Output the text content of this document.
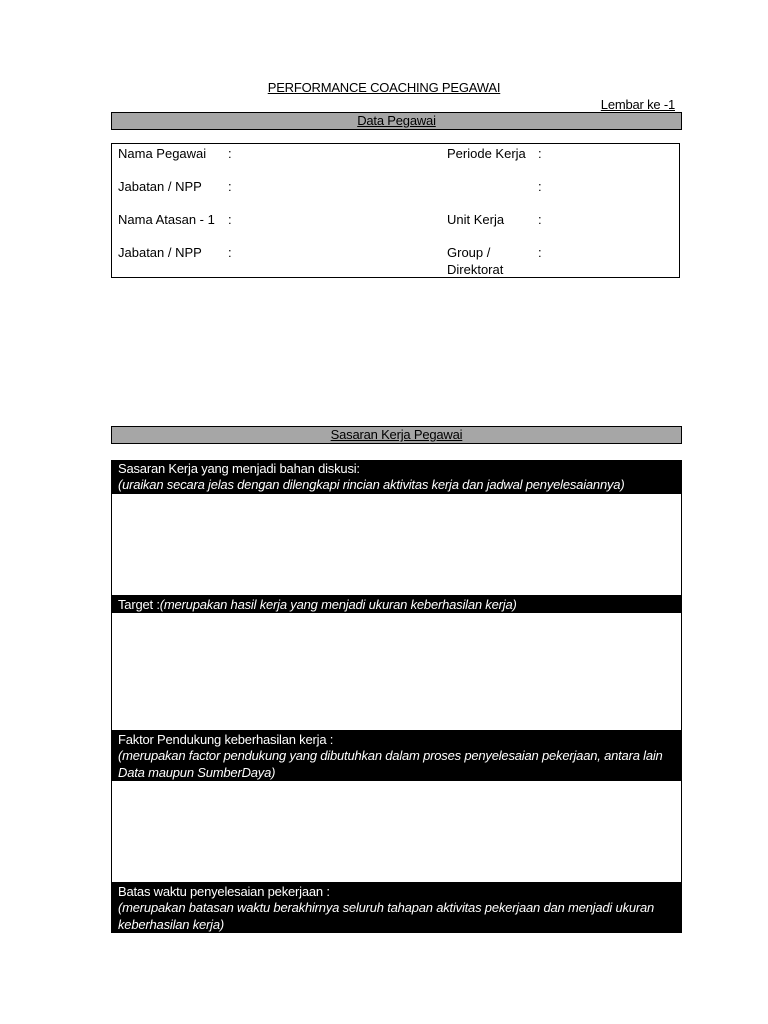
PERFORMANCE COACHING PEGAWAI
Lembar ke -1
Data Pegawai
Nama Pegawai :
Jabatan / NPP :
Nama Atasan - 1 :
Jabatan / NPP :
Periode Kerja :
:
Unit Kerja	:
Group /
Direktorat
:
Sasaran Kerja Pegawai
Sasaran Kerja yang menjadi bahan diskusi:
(uraikan secara jelas dengan dilengkapi rincian aktivitas kerja dan jadwal penyelesaiannya)
Target :(merupakan hasil kerja yang menjadi ukuran keberhasilan kerja)
Faktor Pendukung keberhasilan kerja :
(merupakan factor pendukung yang dibutuhkan dalam proses penyelesaian pekerjaan, antara lain
Data maupun SumberDaya)
Batas waktu penyelesaian pekerjaan :
(merupakan batasan waktu berakhirnya seluruh tahapan aktivitas pekerjaan dan menjadi ukuran
keberhasilan kerja)
